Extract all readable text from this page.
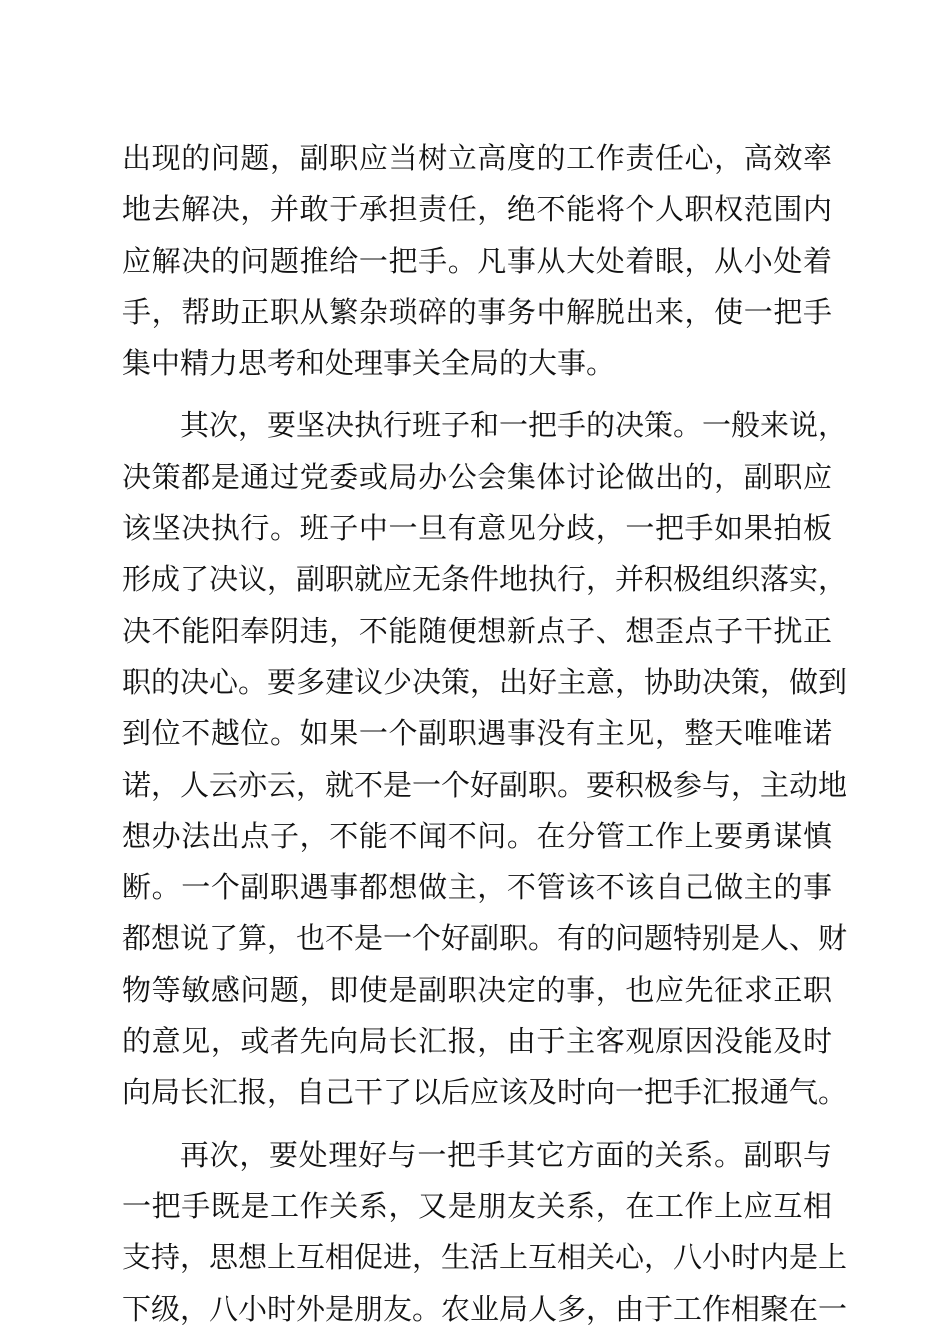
出现的问题，副职应当树立高度的工作责任心，高效率
地去解决，并敢于承担责任，绝不能将个人职权范围内
应解决的问题推给一把手。凡事从大处着眼，从小处着
手，帮助正职从繁杂琐碎的事务中解脱出来，使一把手
集中精力思考和处理事关全局的大事。
其次，要坚决执行班子和一把手的决策。一般来说，
决策都是通过党委或局办公会集体讨论做出的，副职应
该坚决执行。班子中一旦有意见分歧，一把手如果拍板
形成了决议，副职就应无条件地执行，并积极组织落实，
决不能阳奉阴违，不能随便想新点子、想歪点子干扰正
职的决心。要多建议少决策，出好主意，协助决策，做到
到位不越位。如果一个副职遇事没有主见，整天唯唯诺
诺，人云亦云，就不是一个好副职。要积极参与，主动地
想办法出点子，不能不闻不问。在分管工作上要勇谋慎
断。一个副职遇事都想做主，不管该不该自己做主的事
都想说了算，也不是一个好副职。有的问题特别是人、财
物等敏感问题，即使是副职决定的事，也应先征求正职
的意见，或者先向局长汇报，由于主客观原因没能及时
向局长汇报，自己干了以后应该及时向一把手汇报通气。
再次，要处理好与一把手其它方面的关系。副职与
一把手既是工作关系，又是朋友关系，在工作上应互相
支持，思想上互相促进，生活上互相关心，八小时内是上
下级，八小时外是朋友。农业局人多，由于工作相聚在一
